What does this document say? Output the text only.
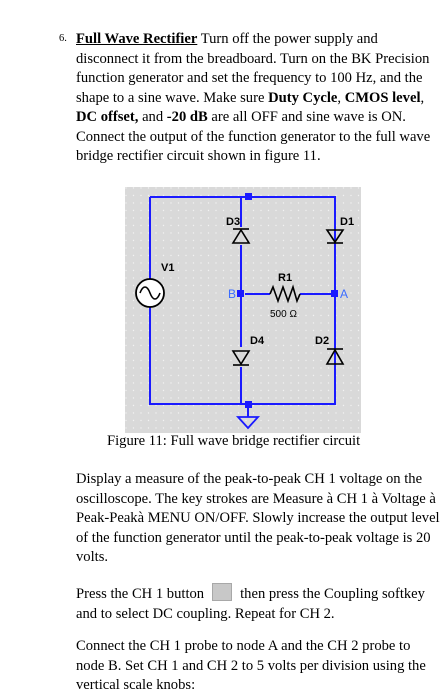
6. Full Wave Rectifier Turn off the power supply and disconnect it from the breadboard. Turn on the BK Precision function generator and set the frequency to 100 Hz, and the shape to a sine wave. Make sure Duty Cycle, CMOS level, DC offset, and -20 dB are all OFF and sine wave is ON. Connect the output of the function generator to the full wave bridge rectifier circuit shown in figure 11.
V1
D3	D1
D4	D2
R1
500 Ω
B	A
Figure 11: Full wave bridge rectifier circuit
Display a measure of the peak-to-peak CH 1 voltage on the oscilloscope. The key strokes are Measure à CH 1 à Voltage à Peak-Peakà MENU ON/OFF. Slowly increase the output level of the function generator until the peak-to-peak voltage is 20 volts.
Press the CH 1 button then press the Coupling softkey and to select DC coupling. Repeat for CH 2.
Connect the CH 1 probe to node A and the CH 2 probe to node B. Set CH 1 and CH 2 to 5 volts per division using the vertical scale knobs:
